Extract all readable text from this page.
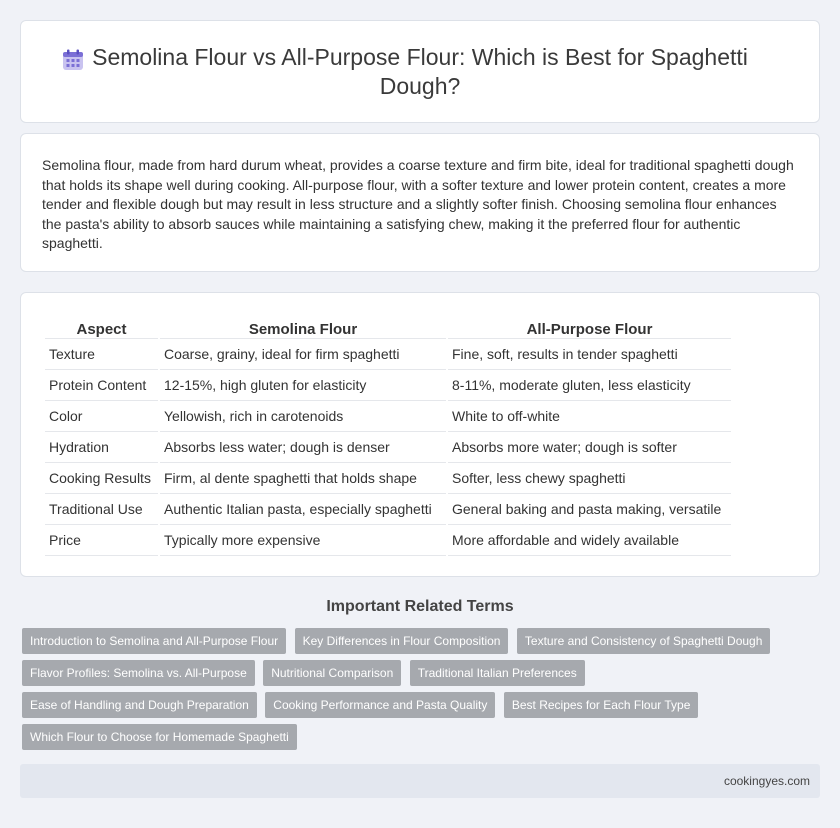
Semolina Flour vs All-Purpose Flour: Which is Best for Spaghetti Dough?

Semolina flour, made from hard durum wheat, provides a coarse texture and firm bite, ideal for traditional spaghetti dough that holds its shape well during cooking. All-purpose flour, with a softer texture and lower protein content, creates a more tender and flexible dough but may result in less structure and a slightly softer finish. Choosing semolina flour enhances the pasta's ability to absorb sauces while maintaining a satisfying chew, making it the preferred flour for authentic spaghetti.

Aspect	Semolina Flour	All-Purpose Flour
Texture	Coarse, grainy, ideal for firm spaghetti	Fine, soft, results in tender spaghetti
Protein Content	12-15%, high gluten for elasticity	8-11%, moderate gluten, less elasticity
Color	Yellowish, rich in carotenoids	White to off-white
Hydration	Absorbs less water; dough is denser	Absorbs more water; dough is softer
Cooking Results	Firm, al dente spaghetti that holds shape	Softer, less chewy spaghetti
Traditional Use	Authentic Italian pasta, especially spaghetti	General baking and pasta making, versatile
Price	Typically more expensive	More affordable and widely available
Important Related Terms
Introduction to Semolina and All-Purpose Flour Key Differences in Flour Composition Texture and Consistency of Spaghetti Dough Flavor Profiles: Semolina vs. All-Purpose Nutritional Comparison Traditional Italian Preferences Ease of Handling and Dough Preparation Cooking Performance and Pasta Quality Best Recipes for Each Flour Type Which Flour to Choose for Homemade Spaghetti
cookingyes.com
